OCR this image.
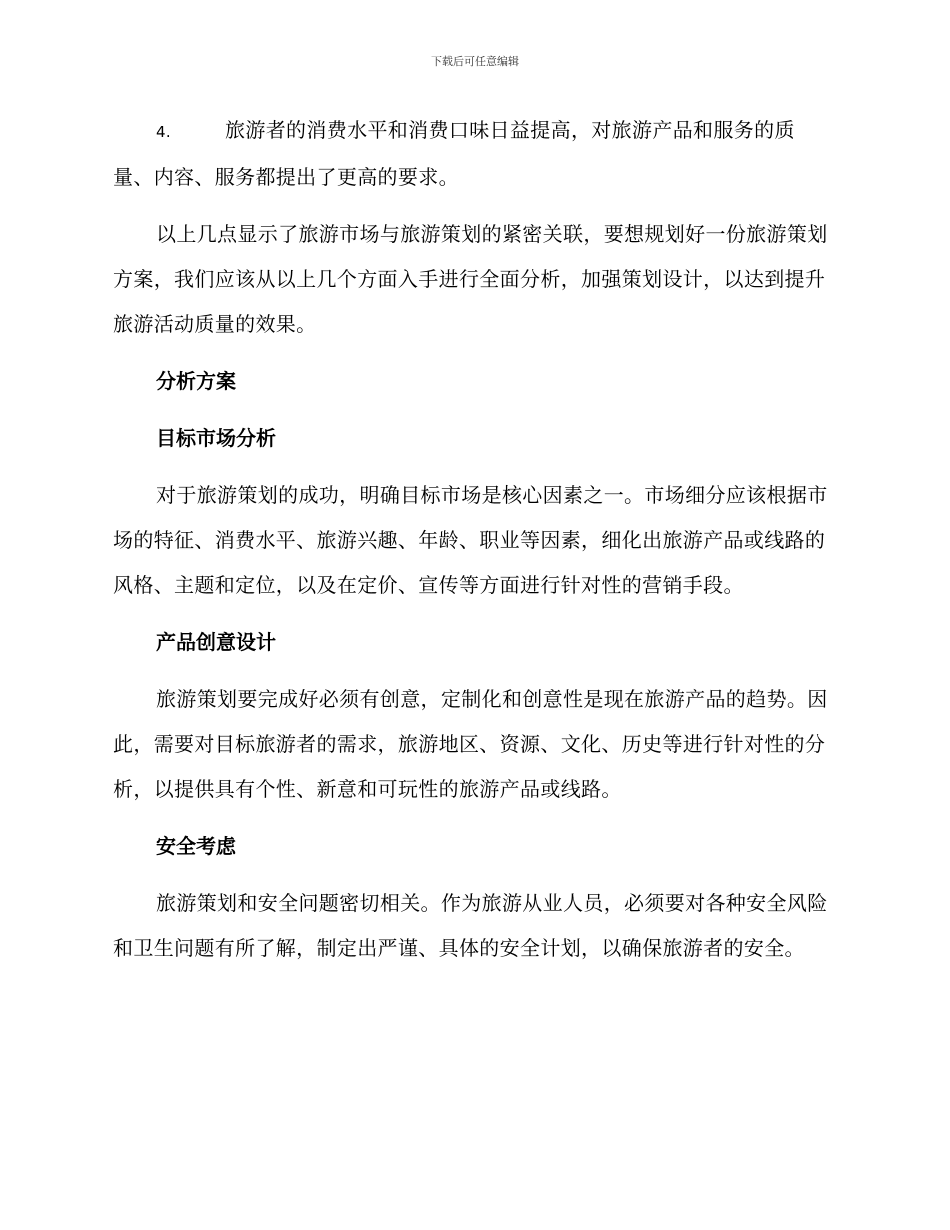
下载后可任意编辑

4.	旅游者的消费水平和消费口味日益提高，对旅游产品和服务的质量、内容、服务都提出了更高的要求。

以上几点显示了旅游市场与旅游策划的紧密关联，要想规划好一份旅游策划方案，我们应该从以上几个方面入手进行全面分析，加强策划设计，以达到提升旅游活动质量的效果。

分析方案

目标市场分析

对于旅游策划的成功，明确目标市场是核心因素之一。市场细分应该根据市场的特征、消费水平、旅游兴趣、年龄、职业等因素，细化出旅游产品或线路的风格、主题和定位，以及在定价、宣传等方面进行针对性的营销手段。

产品创意设计

旅游策划要完成好必须有创意，定制化和创意性是现在旅游产品的趋势。因此，需要对目标旅游者的需求，旅游地区、资源、文化、历史等进行针对性的分析，以提供具有个性、新意和可玩性的旅游产品或线路。

安全考虑

旅游策划和安全问题密切相关。作为旅游从业人员，必须要对各种安全风险和卫生问题有所了解，制定出严谨、具体的安全计划，以确保旅游者的安全。
